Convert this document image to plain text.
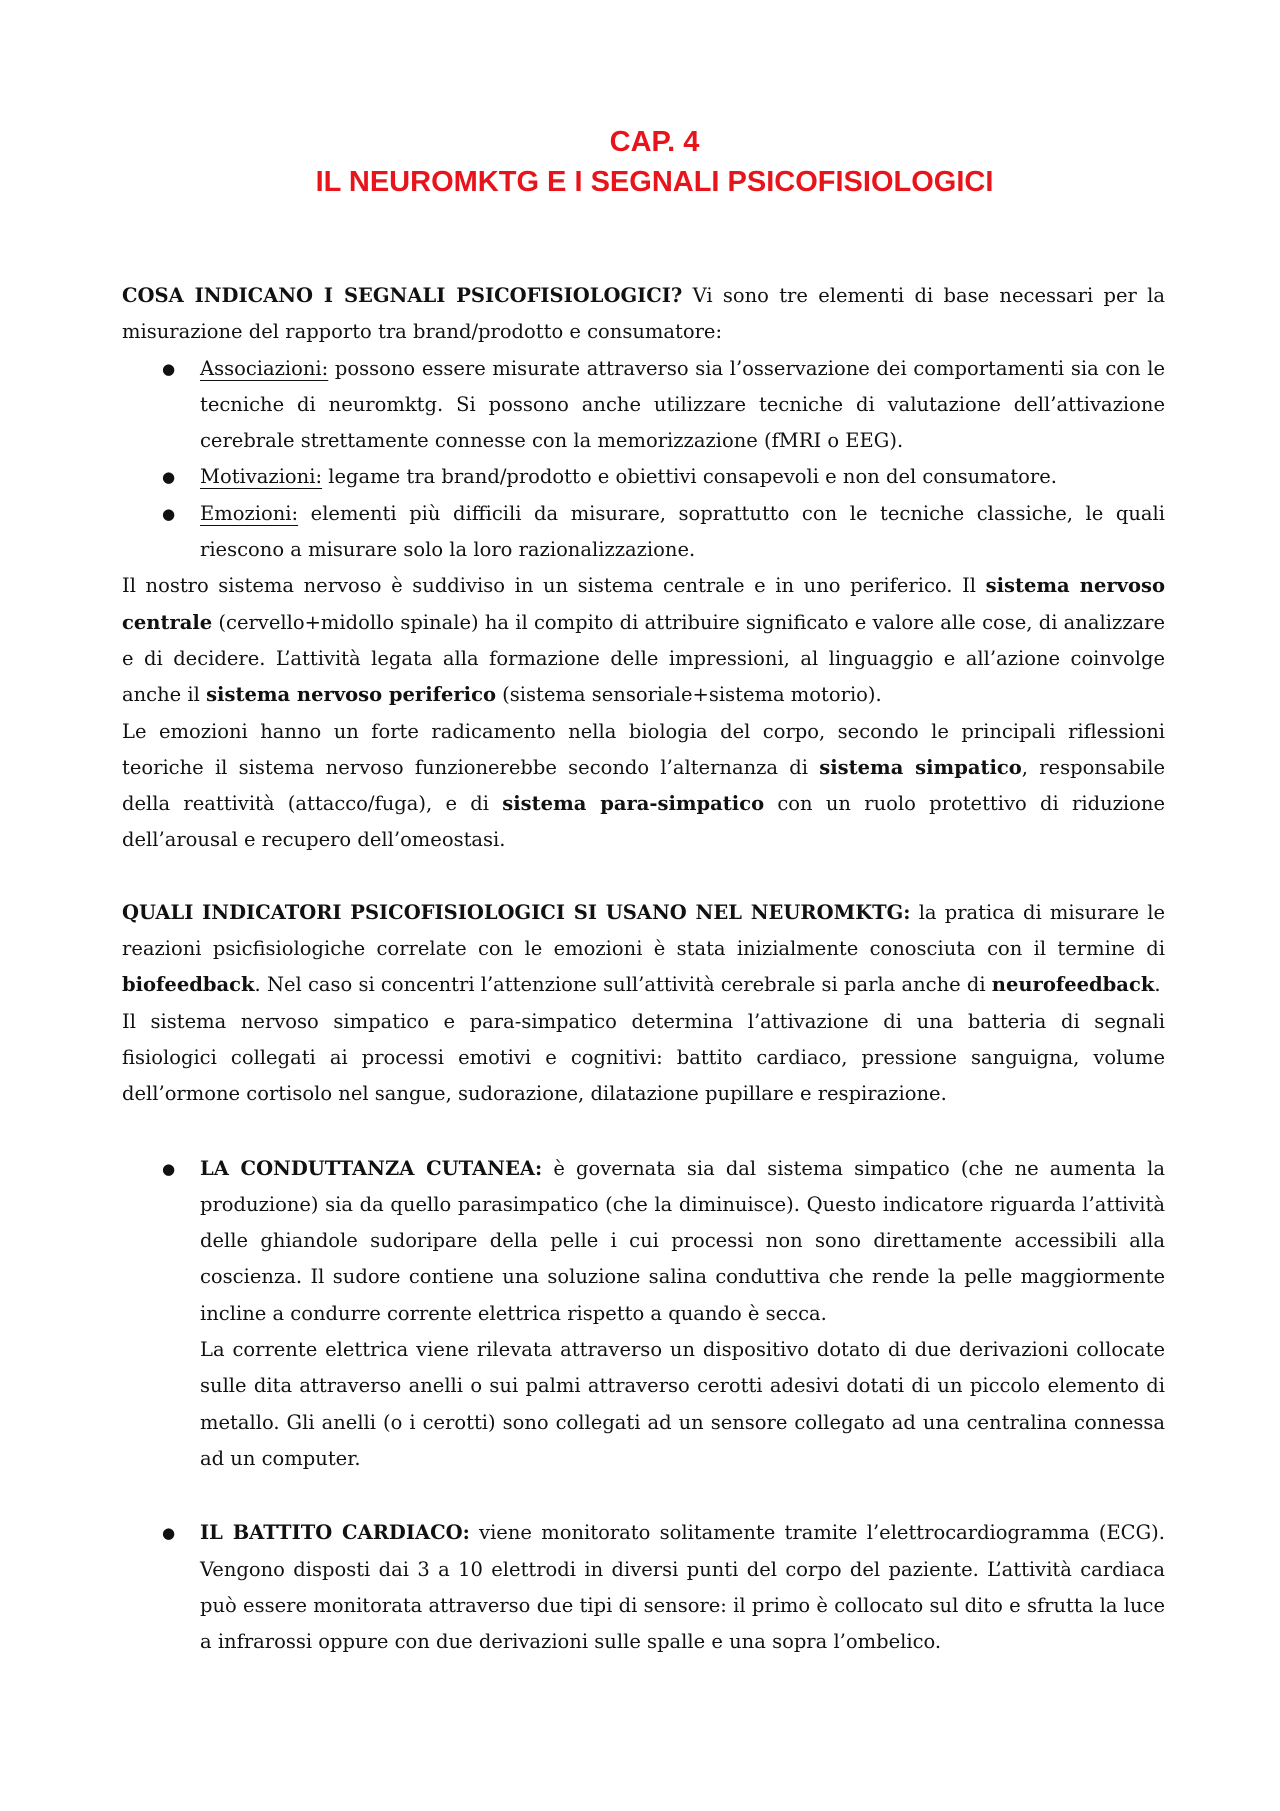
CAP. 4
IL NEUROMKTG E I SEGNALI PSICOFISIOLOGICI

COSA INDICANO I SEGNALI PSICOFISIOLOGICI? Vi sono tre elementi di base necessari per la misurazione del rapporto tra brand/prodotto e consumatore:

● Associazioni: possono essere misurate attraverso sia l’osservazione dei comportamenti sia con le tecniche di neuromktg. Si possono anche utilizzare tecniche di valutazione dell’attivazione cerebrale strettamente connesse con la memorizzazione (fMRI o EEG).
● Motivazioni: legame tra brand/prodotto e obiettivi consapevoli e non del consumatore.
● Emozioni: elementi più difficili da misurare, soprattutto con le tecniche classiche, le quali riescono a misurare solo la loro razionalizzazione.

Il nostro sistema nervoso è suddiviso in un sistema centrale e in uno periferico. Il sistema nervoso centrale (cervello+midollo spinale) ha il compito di attribuire significato e valore alle cose, di analizzare e di decidere. L’attività legata alla formazione delle impressioni, al linguaggio e all’azione coinvolge anche il sistema nervoso periferico (sistema sensoriale+sistema motorio).

Le emozioni hanno un forte radicamento nella biologia del corpo, secondo le principali riflessioni teoriche il sistema nervoso funzionerebbe secondo l’alternanza di sistema simpatico, responsabile della reattività (attacco/fuga), e di sistema para-simpatico con un ruolo protettivo di riduzione dell’arousal e recupero dell’omeostasi.

QUALI INDICATORI PSICOFISIOLOGICI SI USANO NEL NEUROMKTG: la pratica di misurare le reazioni psicfisiologiche correlate con le emozioni è stata inizialmente conosciuta con il termine di biofeedback. Nel caso si concentri l’attenzione sull’attività cerebrale si parla anche di neurofeedback.

Il sistema nervoso simpatico e para-simpatico determina l’attivazione di una batteria di segnali fisiologici collegati ai processi emotivi e cognitivi: battito cardiaco, pressione sanguigna, volume dell’ormone cortisolo nel sangue, sudorazione, dilatazione pupillare e respirazione.

● LA CONDUTTANZA CUTANEA: è governata sia dal sistema simpatico (che ne aumenta la produzione) sia da quello parasimpatico (che la diminuisce). Questo indicatore riguarda l’attività delle ghiandole sudoripare della pelle i cui processi non sono direttamente accessibili alla coscienza. Il sudore contiene una soluzione salina conduttiva che rende la pelle maggiormente incline a condurre corrente elettrica rispetto a quando è secca.

La corrente elettrica viene rilevata attraverso un dispositivo dotato di due derivazioni collocate sulle dita attraverso anelli o sui palmi attraverso cerotti adesivi dotati di un piccolo elemento di metallo. Gli anelli (o i cerotti) sono collegati ad un sensore collegato ad una centralina connessa ad un computer.

● IL BATTITO CARDIACO: viene monitorato solitamente tramite l’elettrocardiogramma (ECG). Vengono disposti dai 3 a 10 elettrodi in diversi punti del corpo del paziente. L’attività cardiaca può essere monitorata attraverso due tipi di sensore: il primo è collocato sul dito e sfrutta la luce a infrarossi oppure con due derivazioni sulle spalle e una sopra l’ombelico.
